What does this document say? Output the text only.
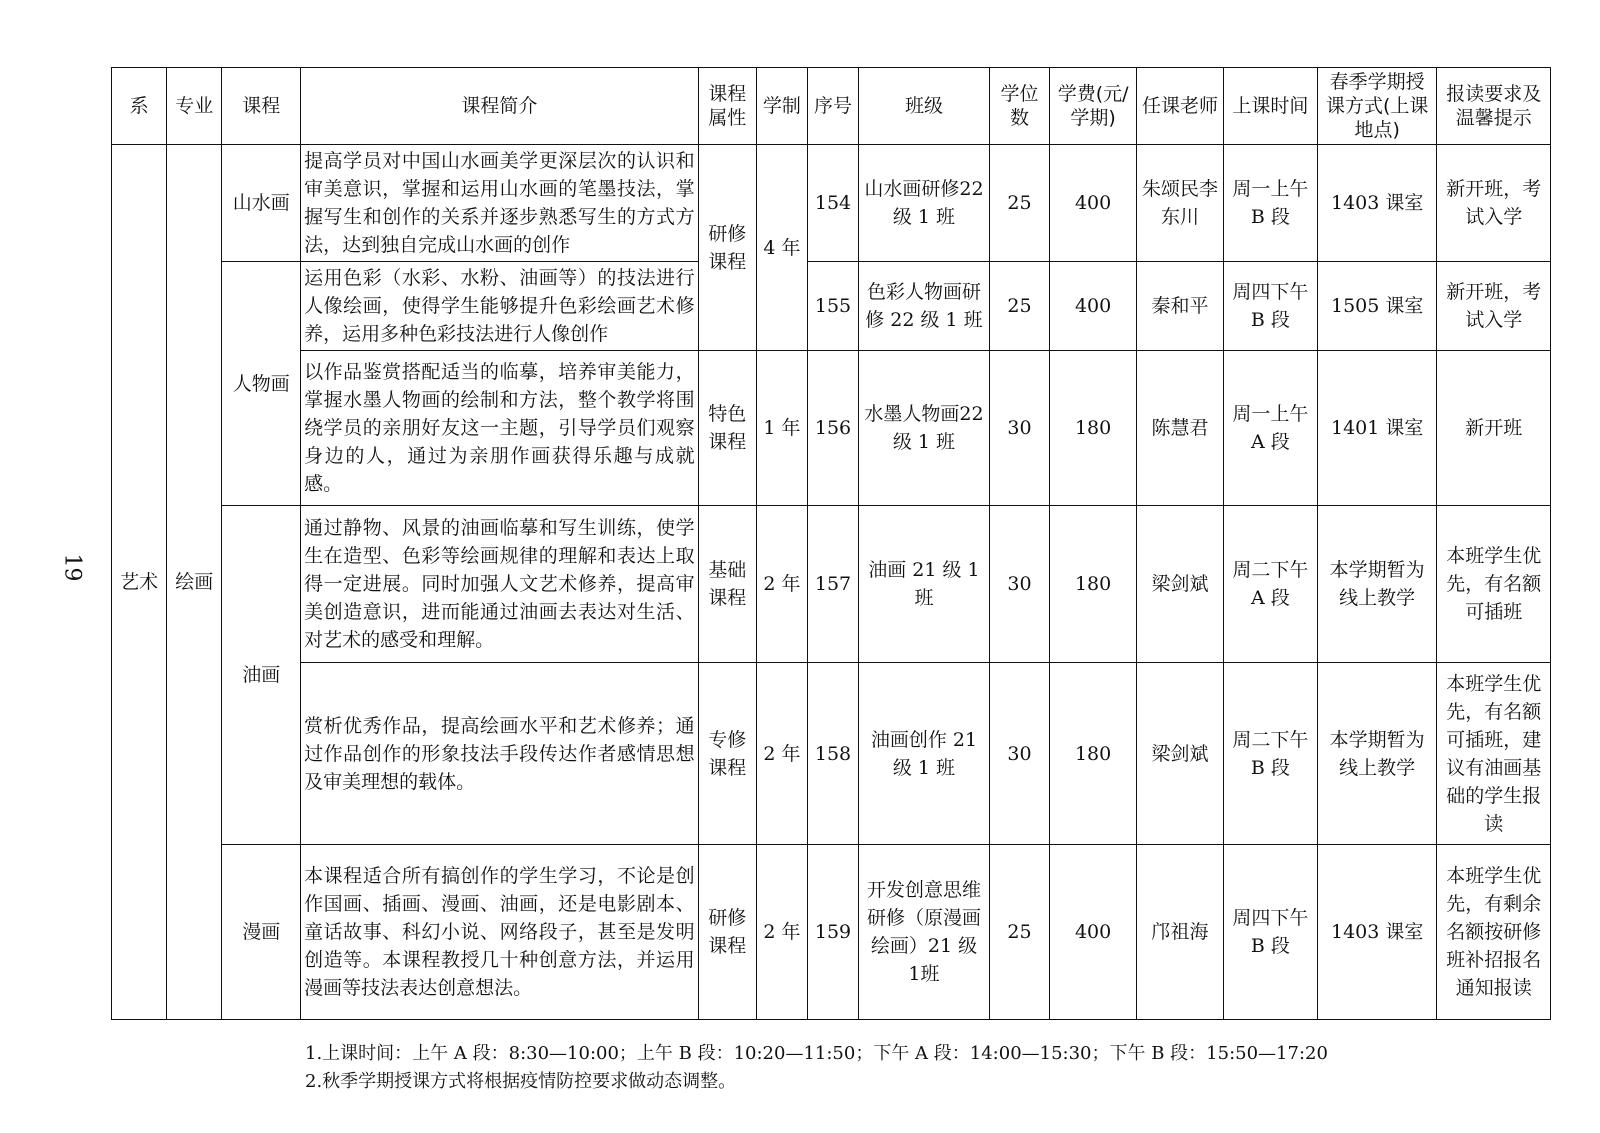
19
系	专业	课程	课程简介	课程属性	学制	序号	班级	学位数	学费(元/学期)	任课老师	上课时间	春季学期授课方式(上课地点)	报读要求及温馨提示
艺术	绘画	山水画	提高学员对中国山水画美学更深层次的认识和审美意识，掌握和运用山水画的笔墨技法，掌握写生和创作的关系并逐步熟悉写生的方式方法，达到独自完成山水画的创作	研修课程	4 年	154	山水画研修22 级 1 班	25	400	朱颂民李东川	周一上午B 段	1403 课室	新开班，考试入学
		人物画	运用色彩（水彩、水粉、油画等）的技法进行人像绘画，使得学生能够提升色彩绘画艺术修养，运用多种色彩技法进行人像创作			155	色彩人物画研修 22 级 1 班	25	400	秦和平	周四下午B 段	1505 课室	新开班，考试入学
			以作品鉴赏搭配适当的临摹，培养审美能力，掌握水墨人物画的绘制和方法，整个教学将围绕学员的亲朋好友这一主题，引导学员们观察身边的人，通过为亲朋作画获得乐趣与成就感。	特色课程	1 年	156	水墨人物画22 级 1 班	30	180	陈慧君	周一上午A 段	1401 课室	新开班
		油画	通过静物、风景的油画临摹和写生训练，使学生在造型、色彩等绘画规律的理解和表达上取得一定进展。同时加强人文艺术修养，提高审美创造意识，进而能通过油画去表达对生活、对艺术的感受和理解。	基础课程	2 年	157	油画 21 级 1班	30	180	梁剑斌	周二下午A 段	本学期暂为线上教学	本班学生优先，有名额可插班
			赏析优秀作品，提高绘画水平和艺术修养；通过作品创作的形象技法手段传达作者感情思想及审美理想的载体。	专修课程	2 年	158	油画创作 21级 1 班	30	180	梁剑斌	周二下午B 段	本学期暂为线上教学	本班学生优先，有名额可插班，建议有油画基础的学生报读
		漫画	本课程适合所有搞创作的学生学习，不论是创作国画、插画、漫画、油画，还是电影剧本、童话故事、科幻小说、网络段子，甚至是发明创造等。本课程教授几十种创意方法，并运用漫画等技法表达创意想法。	研修课程	2 年	159	开发创意思维研修（原漫画绘画）21 级 1班	25	400	邝祖海	周四下午B 段	1403 课室	本班学生优先，有剩余名额按研修班补招报名通知报读
1.上课时间：上午 A 段：8:30—10:00；上午 B 段：10:20—11:50；下午 A 段：14:00—15:30；下午 B 段：15:50—17:20
2.秋季学期授课方式将根据疫情防控要求做动态调整。
